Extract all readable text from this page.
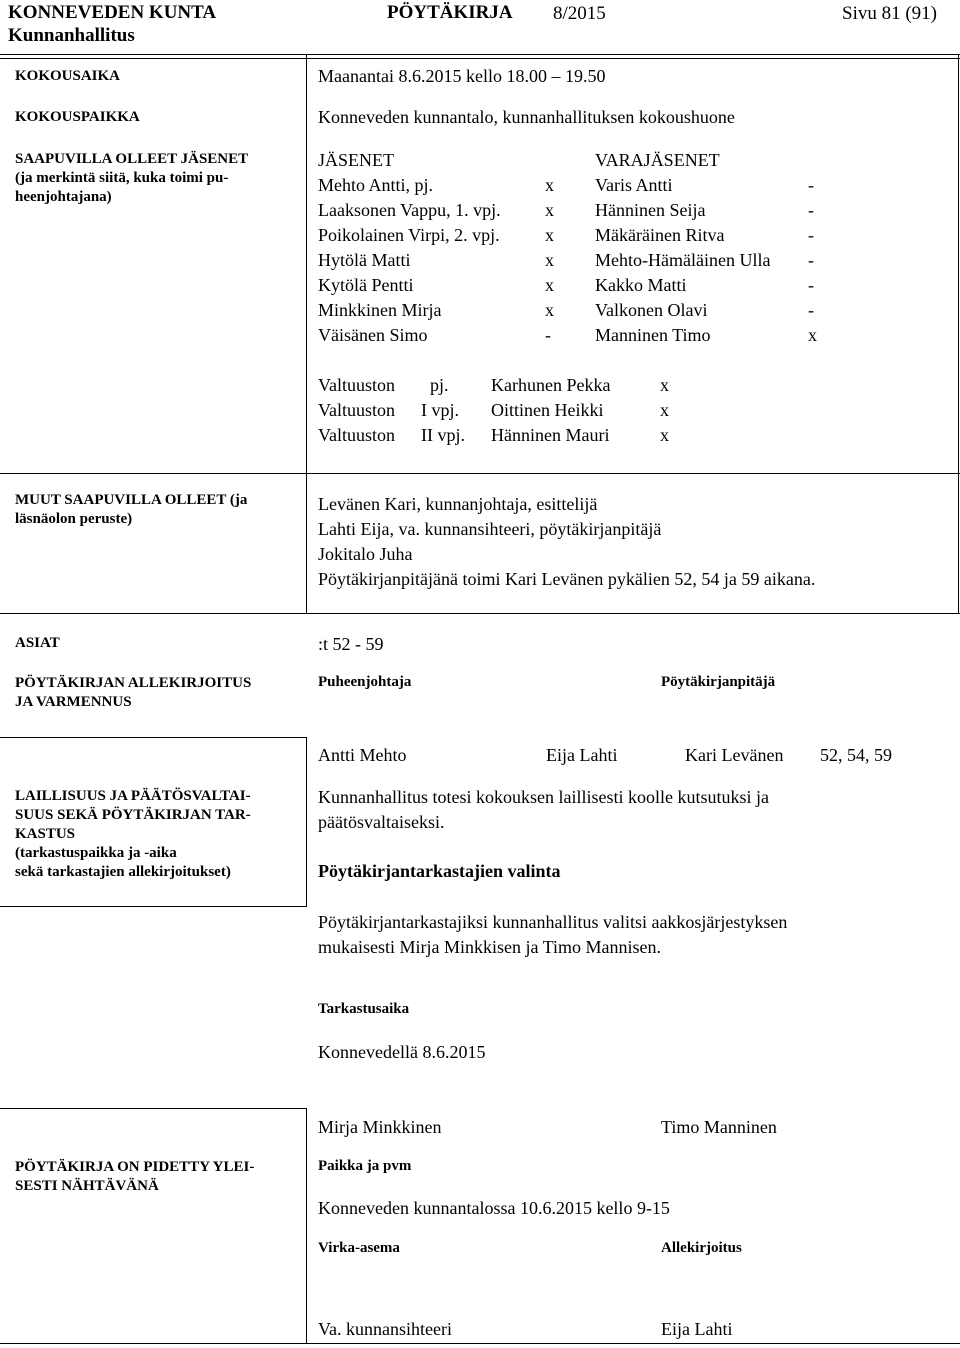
KONNEVEDEN KUNTA
Kunnanhallitus
PÖYTÄKIRJA 8/2015	Sivu 81 (91)
KOKOUSAIKA	Maanantai 8.6.2015 kello 18.00 – 19.50
KOKOUSPAIKKA	Konneveden kunnantalo, kunnanhallituksen kokoushuone
SAAPUVILLA OLLEET JÄSENET
(ja merkintä siitä, kuka toimi pu-
heenjohtajana)
JÄSENET	VARAJÄSENET
Mehto Antti, pj.	x Varis Antti	-
Laaksonen Vappu, 1. vpj. x Hänninen Seija	-
Poikolainen Virpi, 2. vpj.	x Mäkäräinen Ritva	-
Hytölä Matti	x Mehto-Hämäläinen Ulla -
Kytölä Pentti	x Kakko Matti	-
Minkkinen Mirja	x Valkonen Olavi	-
Väisänen Simo	- Manninen Timo	x
Valtuuston pj. Karhunen Pekka	x
Valtuuston I vpj. Oittinen Heikki	x
Valtuuston II vpj. Hänninen Mauri	x
MUUT SAAPUVILLA OLLEET (ja
läsnäolon peruste)
Levänen Kari, kunnanjohtaja, esittelijä
Lahti Eija, va. kunnansihteeri, pöytäkirjanpitäjä
Jokitalo Juha
Pöytäkirjanpitäjänä toimi Kari Levänen pykälien 52, 54 ja 59 aikana.
ASIAT	:t 52 - 59
PÖYTÄKIRJAN ALLEKIRJOITUS
JA VARMENNUS
Puheenjohtaja	Pöytäkirjanpitäjä
Antti Mehto	Eija Lahti	Kari Levänen 52, 54, 59
LAILLISUUS JA PÄÄTÖSVALTAI-
SUUS SEKÄ PÖYTÄKIRJAN TAR-
KASTUS
(tarkastuspaikka ja -aika
sekä tarkastajien allekirjoitukset)
Kunnanhallitus totesi kokouksen laillisesti koolle kutsutuksi ja
päätösvaltaiseksi.
Pöytäkirjantarkastajien valinta
Pöytäkirjantarkastajiksi kunnanhallitus valitsi aakkosjärjestyksen
mukaisesti Mirja Minkkisen ja Timo Mannisen.
Tarkastusaika
Konnevedellä 8.6.2015
Mirja Minkkinen	Timo Manninen
PÖYTÄKIRJA ON PIDETTY YLEI-
SESTI NÄHTÄVÄNÄ
Paikka ja pvm
Konneveden kunnantalossa 10.6.2015 kello 9-15
Virka-asema	Allekirjoitus
Va. kunnansihteeri	Eija Lahti
